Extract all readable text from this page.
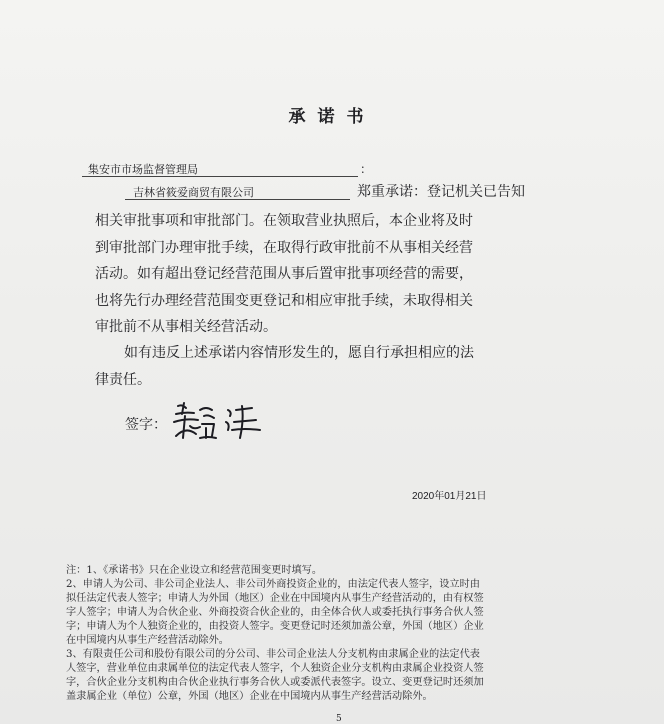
承诺书
集安市市场监督管理局	：
吉林省筱爱商贸有限公司	郑重承诺：登记机关已告知
相关审批事项和审批部门。在领取营业执照后，本企业将及时
到审批部门办理审批手续，在取得行政审批前不从事相关经营
活动。如有超出登记经营范围从事后置审批事项经营的需要，
也将先行办理经营范围变更登记和相应审批手续，未取得相关
审批前不从事相关经营活动。
如有违反上述承诺内容情形发生的，愿自行承担相应的法
律责任。
签字：
2020年01月21日
注：1、《承诺书》只在企业设立和经营范围变更时填写。
2、申请人为公司、非公司企业法人、非公司外商投资企业的，由法定代表人签字，设立时由
拟任法定代表人签字；申请人为外国（地区）企业在中国境内从事生产经营活动的，由有权签
字人签字；申请人为合伙企业、外商投资合伙企业的，由全体合伙人或委托执行事务合伙人签
字；申请人为个人独资企业的，由投资人签字。变更登记时还须加盖公章，外国（地区）企业
在中国境内从事生产经营活动除外。
3、有限责任公司和股份有限公司的分公司、非公司企业法人分支机构由隶属企业的法定代表
人签字，营业单位由隶属单位的法定代表人签字，个人独资企业分支机构由隶属企业投资人签
字，合伙企业分支机构由合伙企业执行事务合伙人或委派代表签字。设立、变更登记时还须加
盖隶属企业（单位）公章，外国（地区）企业在中国境内从事生产经营活动除外。
5
